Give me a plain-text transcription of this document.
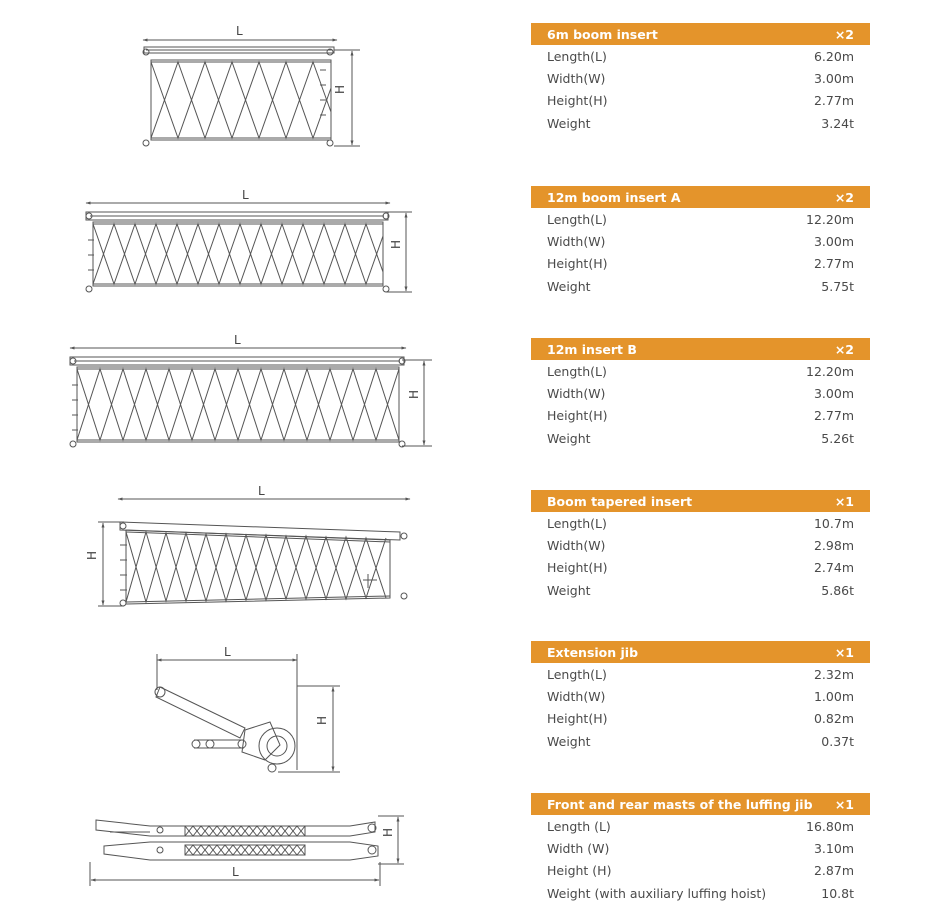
6m boom insert	×2
Length(L)	6.20m
Width(W)	3.00m
Height(H)	2.77m
Weight	3.24t
12m boom insert A	×2
Length(L)	12.20m
Width(W)	3.00m
Height(H)	2.77m
Weight	5.75t
12m insert B	×2
Length(L)	12.20m
Width(W)	3.00m
Height(H)	2.77m
Weight	5.26t
Boom tapered insert	×1
Length(L)	10.7m
Width(W)	2.98m
Height(H)	2.74m
Weight	5.86t
Extension jib	×1
Length(L)	2.32m
Width(W)	1.00m
Height(H)	0.82m
Weight	0.37t
Front and rear masts of the luffing jib ×1
Length (L)	16.80m
Width (W)	3.10m
Height (H)	2.87m
Weight (with auxiliary luffing hoist)	10.8t
L
H
L
H
L
H
L
H
L
H
H
L
